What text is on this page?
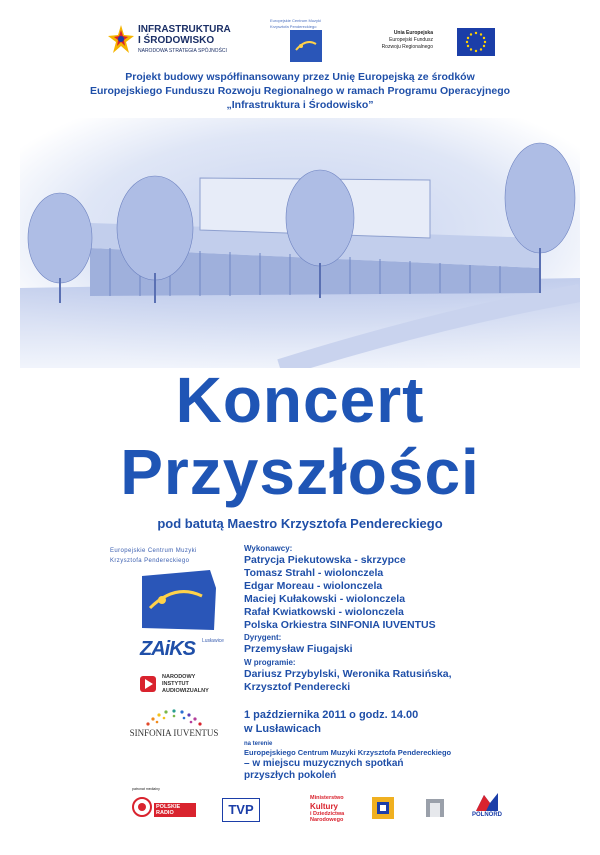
INFRASTRUKTURA
I ŚRODOWISKO
NARODOWA STRATEGIA SPÓJNOŚCI
Europejskie Centrum Muzyki Krzysztofa Pendereckiego
Unia Europejska
Europejski Fundusz
Rozwoju Regionalnego
Projekt budowy współfinansowany przez Unię Europejską ze środków
Europejskiego Funduszu Rozwoju Regionalnego w ramach Programu Operacyjnego
„Infrastruktura i Środowisko”
Koncert
Przyszłości
pod batutą Maestro Krzysztofa Pendereckiego
Europejskie Centrum Muzyki
Krzysztofa Pendereckiego
Lusławice
ZAiKS
NARODOWY
INSTYTUT
AUDIOWIZUALNY
SINFONIA IUVENTUS
Wykonawcy:
Patrycja Piekutowska - skrzypce
Tomasz Strahl - wiolonczela
Edgar Moreau - wiolonczela
Maciej Kułakowski - wiolonczela
Rafał Kwiatkowski - wiolonczela
Polska Orkiestra SINFONIA IUVENTUS
Dyrygent:
Przemysław Fiugajski
W programie:
Dariusz Przybylski, Weronika Ratusińska,
Krzysztof Penderecki
1 października 2011 o godz. 14.00
w Lusławicach
na terenie
Europejskiego Centrum Muzyki Krzysztofa Pendereckiego
– w miejscu muzycznych spotkań
przyszłych pokoleń
patronat medialny
POLSKIE RADIO	TVP
Ministerstwo
Kultury
i Dziedzictwa
Narodowego
POLNORD
